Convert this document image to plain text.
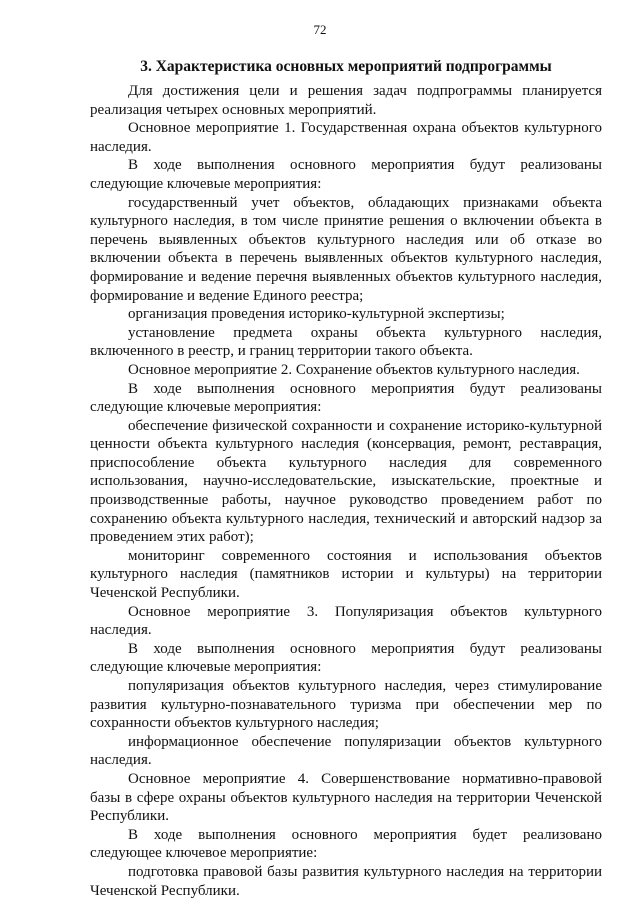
72
3. Характеристика основных мероприятий подпрограммы

Для достижения цели и решения задач подпрограммы планируется реализация четырех основных мероприятий.

Основное мероприятие 1. Государственная охрана объектов культурного наследия.

В ходе выполнения основного мероприятия будут реализованы следующие ключевые мероприятия:

государственный учет объектов, обладающих признаками объекта культурного наследия, в том числе принятие решения о включении объекта в перечень выявленных объектов культурного наследия или об отказе во включении объекта в перечень выявленных объектов культурного наследия, формирование и ведение перечня выявленных объектов культурного наследия, формирование и ведение Единого реестра;

организация проведения историко-культурной экспертизы;

установление предмета охраны объекта культурного наследия, включенного в реестр, и границ территории такого объекта.

Основное мероприятие 2. Сохранение объектов культурного наследия.

В ходе выполнения основного мероприятия будут реализованы следующие ключевые мероприятия:

обеспечение физической сохранности и сохранение историко-культурной ценности объекта культурного наследия (консервация, ремонт, реставрация, приспособление объекта культурного наследия для современного использования, научно-исследовательские, изыскательские, проектные и производственные работы, научное руководство проведением работ по сохранению объекта культурного наследия, технический и авторский надзор за проведением этих работ);

мониторинг современного состояния и использования объектов культурного наследия (памятников истории и культуры) на территории Чеченской Республики.

Основное мероприятие 3. Популяризация объектов культурного наследия.

В ходе выполнения основного мероприятия будут реализованы следующие ключевые мероприятия:

популяризация объектов культурного наследия, через стимулирование развития культурно-познавательного туризма при обеспечении мер по сохранности объектов культурного наследия;

информационное обеспечение популяризации объектов культурного наследия.

Основное мероприятие 4. Совершенствование нормативно-правовой базы в сфере охраны объектов культурного наследия на территории Чеченской Республики.

В ходе выполнения основного мероприятия будет реализовано следующее ключевое мероприятие:

подготовка правовой базы развития культурного наследия на территории Чеченской Республики.
